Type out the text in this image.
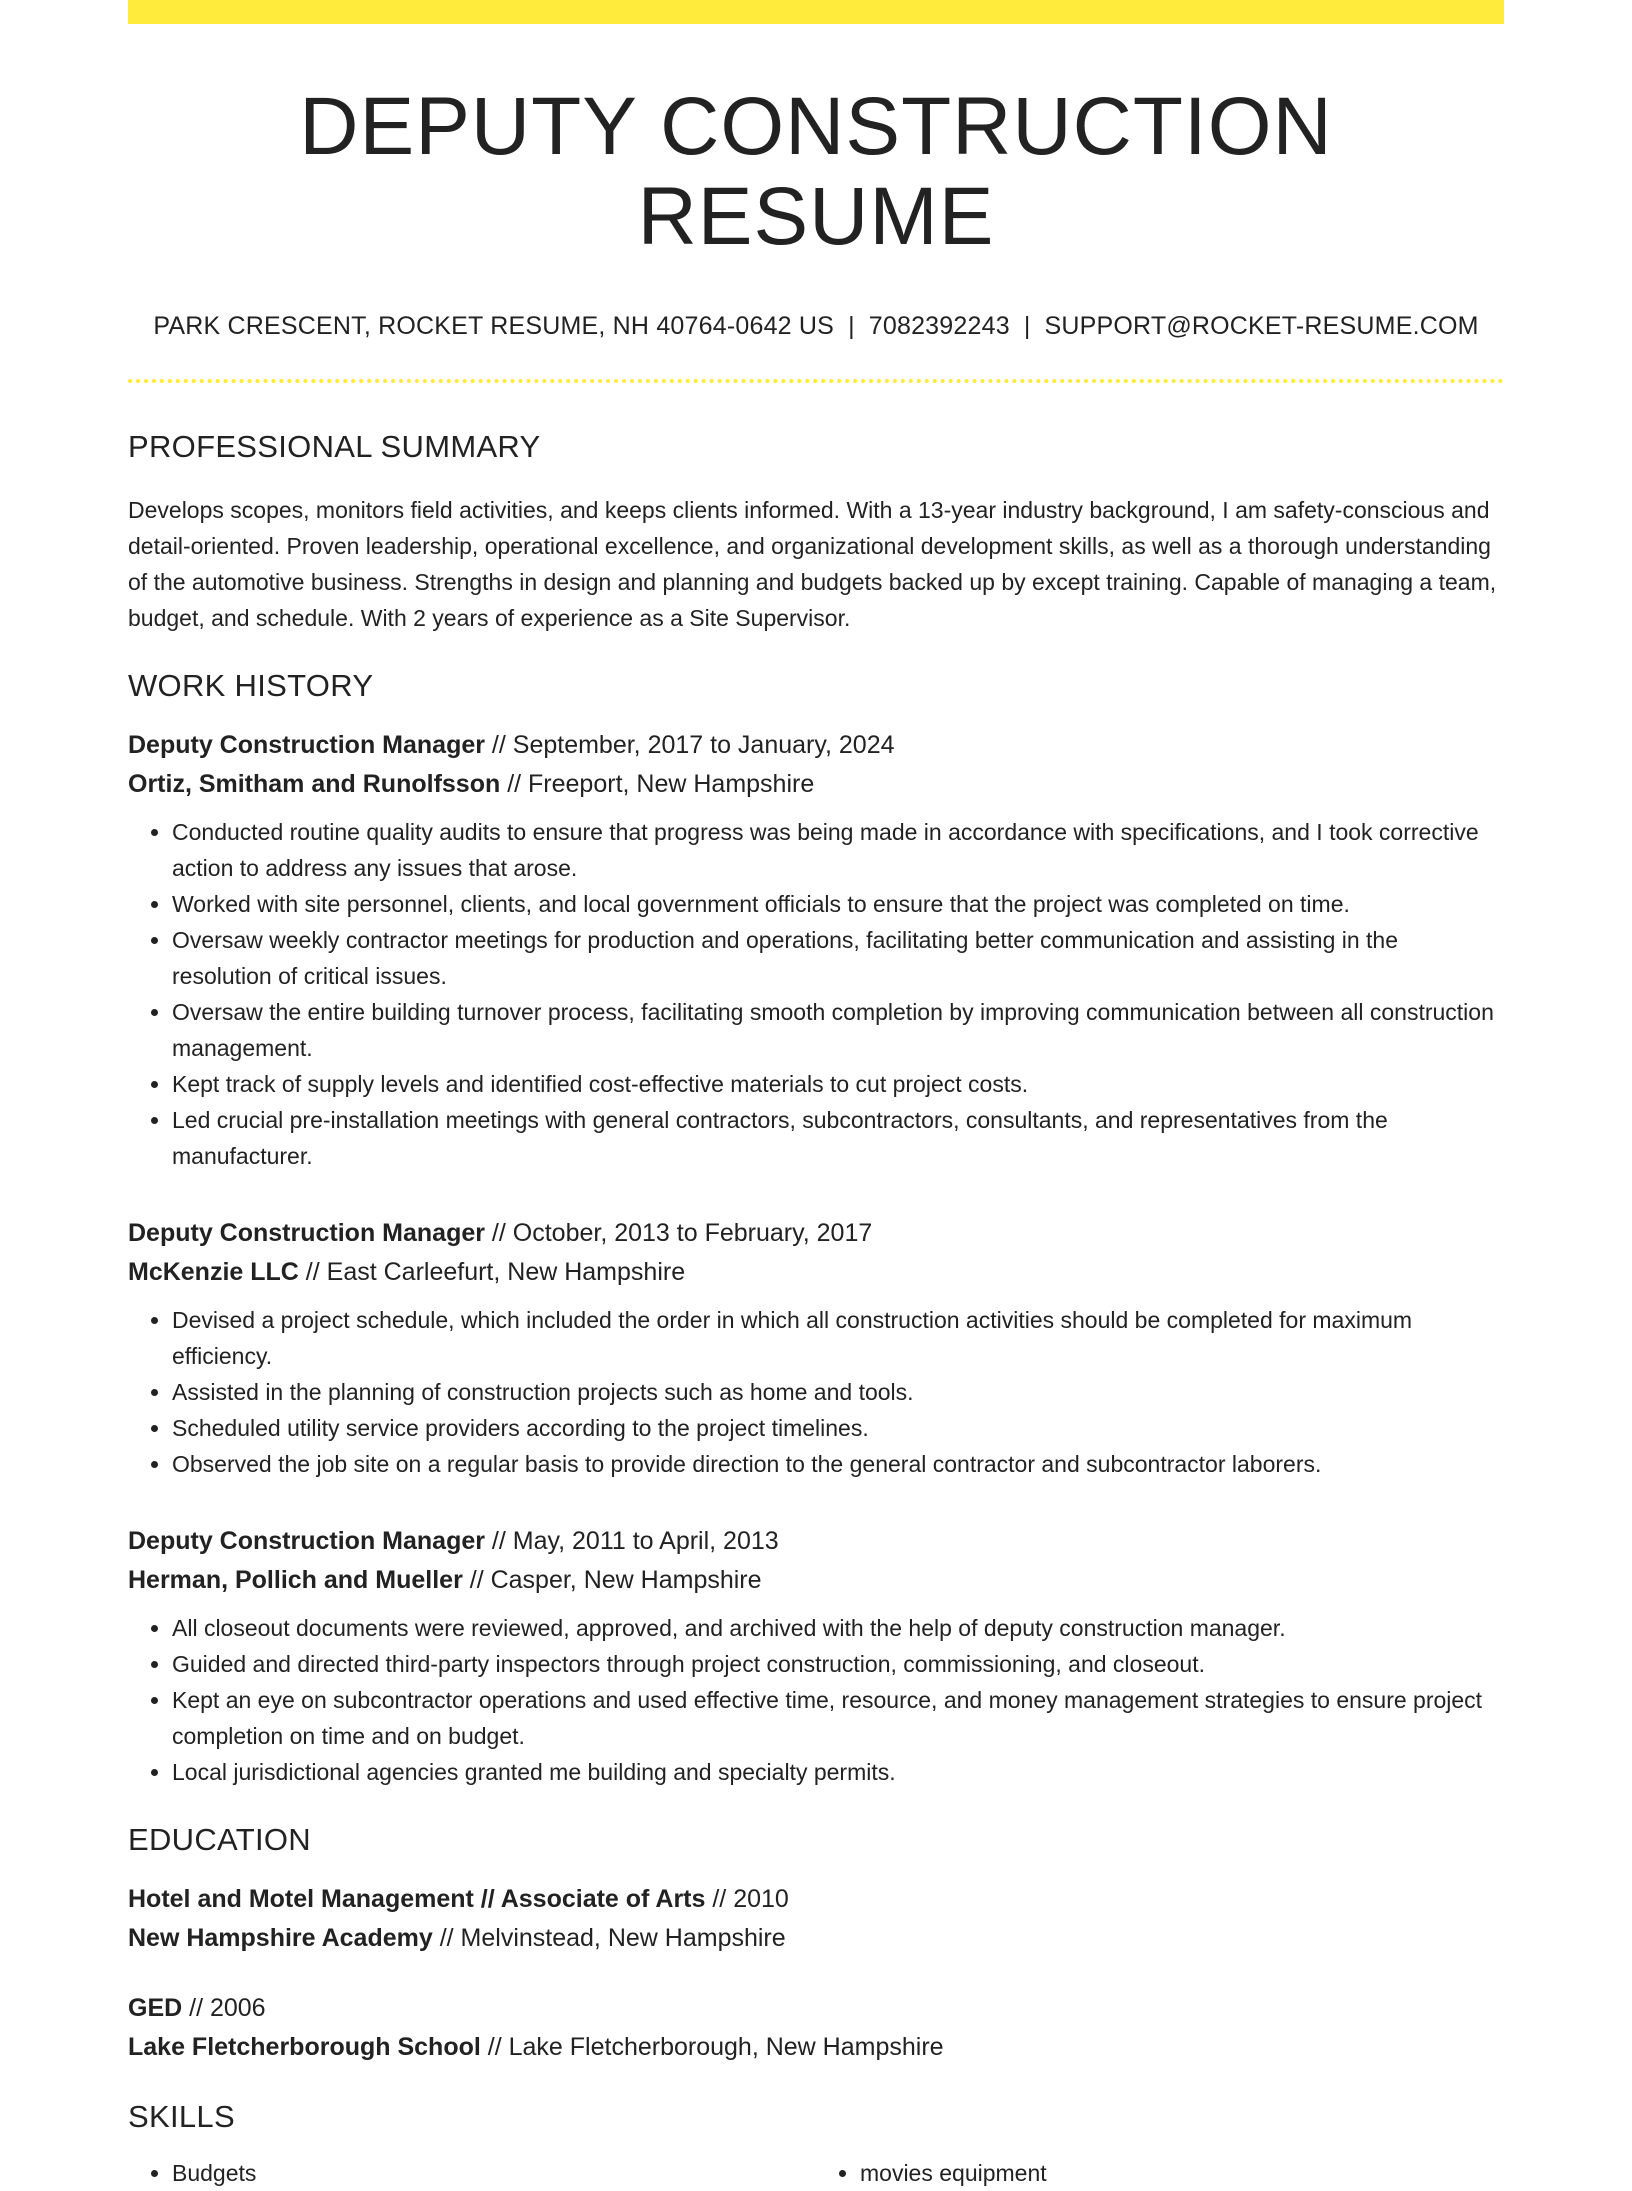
DEPUTY CONSTRUCTION RESUME
PARK CRESCENT, ROCKET RESUME, NH 40764-0642 US | 7082392243 | SUPPORT@ROCKET-RESUME.COM
PROFESSIONAL SUMMARY
Develops scopes, monitors field activities, and keeps clients informed. With a 13-year industry background, I am safety-conscious and detail-oriented. Proven leadership, operational excellence, and organizational development skills, as well as a thorough understanding of the automotive business. Strengths in design and planning and budgets backed up by except training. Capable of managing a team, budget, and schedule. With 2 years of experience as a Site Supervisor.
WORK HISTORY
Deputy Construction Manager // September, 2017 to January, 2024
Ortiz, Smitham and Runolfsson // Freeport, New Hampshire
• Conducted routine quality audits to ensure that progress was being made in accordance with specifications, and I took corrective action to address any issues that arose.
• Worked with site personnel, clients, and local government officials to ensure that the project was completed on time.
• Oversaw weekly contractor meetings for production and operations, facilitating better communication and assisting in the resolution of critical issues.
• Oversaw the entire building turnover process, facilitating smooth completion by improving communication between all construction management.
• Kept track of supply levels and identified cost-effective materials to cut project costs.
• Led crucial pre-installation meetings with general contractors, subcontractors, consultants, and representatives from the manufacturer.
Deputy Construction Manager // October, 2013 to February, 2017
McKenzie LLC // East Carleefurt, New Hampshire
• Devised a project schedule, which included the order in which all construction activities should be completed for maximum efficiency.
• Assisted in the planning of construction projects such as home and tools.
• Scheduled utility service providers according to the project timelines.
• Observed the job site on a regular basis to provide direction to the general contractor and subcontractor laborers.
Deputy Construction Manager // May, 2011 to April, 2013
Herman, Pollich and Mueller // Casper, New Hampshire
• All closeout documents were reviewed, approved, and archived with the help of deputy construction manager.
• Guided and directed third-party inspectors through project construction, commissioning, and closeout.
• Kept an eye on subcontractor operations and used effective time, resource, and money management strategies to ensure project completion on time and on budget.
• Local jurisdictional agencies granted me building and specialty permits.
EDUCATION
Hotel and Motel Management // Associate of Arts // 2010
New Hampshire Academy // Melvinstead, New Hampshire
GED // 2006
Lake Fletcherborough School // Lake Fletcherborough, New Hampshire
SKILLS
• Budgets
•	movies equipment
